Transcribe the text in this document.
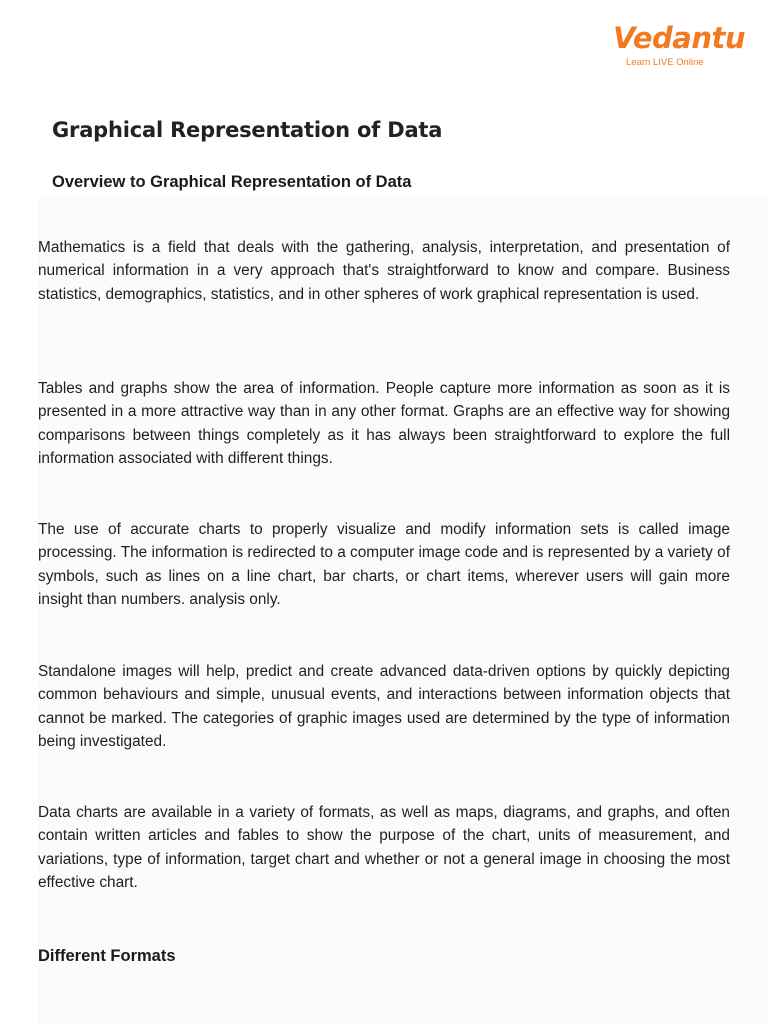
Vedantu
Learn LIVE Online
Graphical Representation of Data
Overview to Graphical Representation of Data

Mathematics is a field that deals with the gathering, analysis, interpretation, and presentation of numerical information in a very approach that's straightforward to know and compare. Business statistics, demographics, statistics, and in other spheres of work graphical representation is used.

Tables and graphs show the area of information. People capture more information as soon as it is presented in a more attractive way than in any other format. Graphs are an effective way for showing comparisons between things completely as it has always been straightforward to explore the full information associated with different things.

The use of accurate charts to properly visualize and modify information sets is called image processing. The information is redirected to a computer image code and is represented by a variety of symbols, such as lines on a line chart, bar charts, or chart items, wherever users will gain more insight than numbers. analysis only.

Standalone images will help, predict and create advanced data-driven options by quickly depicting common behaviours and simple, unusual events, and interactions between information objects that cannot be marked. The categories of graphic images used are determined by the type of information being investigated.

Data charts are available in a variety of formats, as well as maps, diagrams, and graphs, and often contain written articles and fables to show the purpose of the chart, units of measurement, and variations, type of information, target chart and whether or not a general image in choosing the most effective chart.

Different Formats
